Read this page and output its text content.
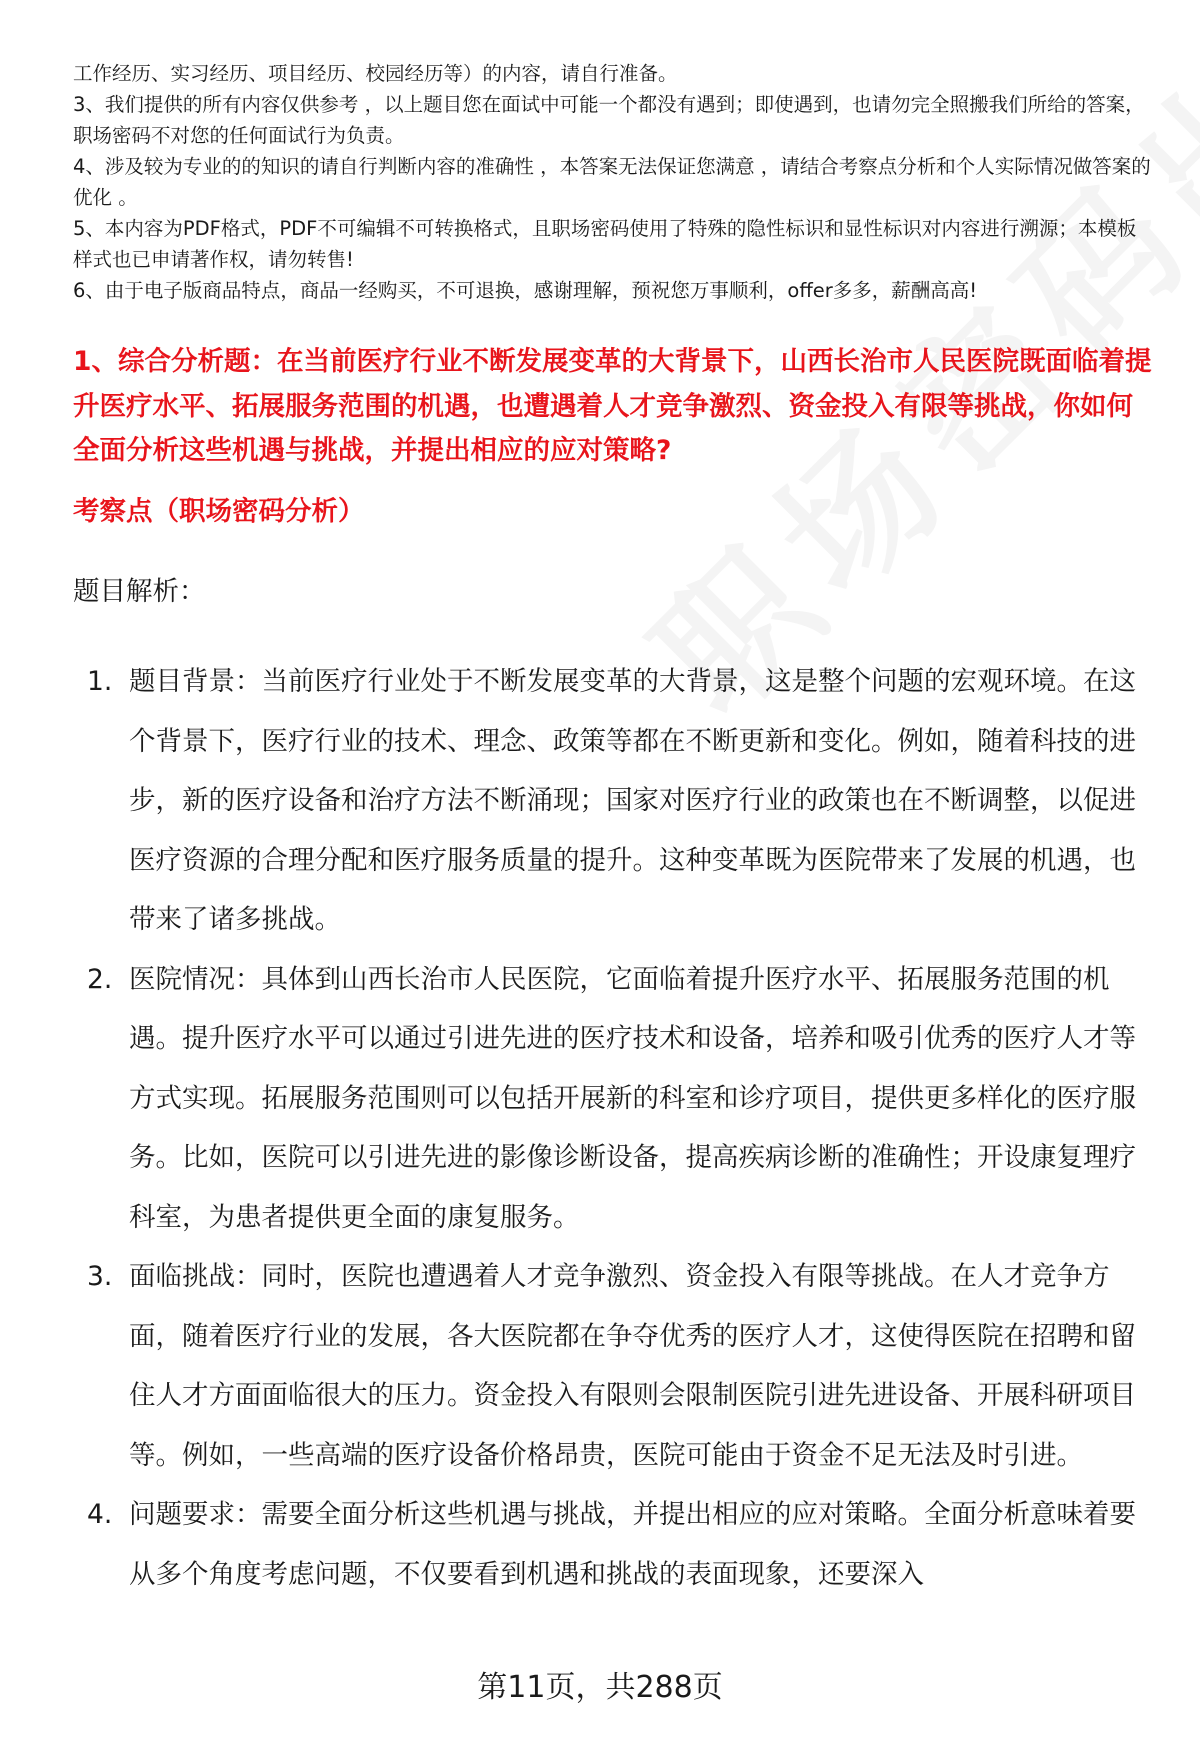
工作经历、实习经历、项目经历、校园经历等）的内容，请自行准备。

3、我们提供的所有内容仅供参考 ，以上题目您在面试中可能一个都没有遇到；即使遇到，也请勿完全照搬我们所给的答案，职场密码不对您的任何面试行为负责。

4、涉及较为专业的的知识的请自行判断内容的准确性 ，本答案无法保证您满意 ，请结合考察点分析和个人实际情况做答案的优化 。

5、本内容为PDF格式，PDF不可编辑不可转换格式，且职场密码使用了特殊的隐性标识和显性标识对内容进行溯源；本模板样式也已申请著作权，请勿转售!

6、由于电子版商品特点，商品一经购买，不可退换，感谢理解，预祝您万事顺利，offer多多，薪酬高高!

1、综合分析题：在当前医疗行业不断发展变革的大背景下，山西长治市人民医院既面临着提升医疗水平、拓展服务范围的机遇，也遭遇着人才竞争激烈、资金投入有限等挑战，你如何全面分析这些机遇与挑战，并提出相应的应对策略?

考察点（职场密码分析）

题目解析：

1. 题目背景：当前医疗行业处于不断发展变革的大背景，这是整个问题的宏观环境。在这个背景下，医疗行业的技术、理念、政策等都在不断更新和变化。例如，随着科技的进步，新的医疗设备和治疗方法不断涌现；国家对医疗行业的政策也在不断调整，以促进医疗资源的合理分配和医疗服务质量的提升。这种变革既为医院带来了发展的机遇，也带来了诸多挑战。
2. 医院情况：具体到山西长治市人民医院，它面临着提升医疗水平、拓展服务范围的机遇。提升医疗水平可以通过引进先进的医疗技术和设备，培养和吸引优秀的医疗人才等方式实现。拓展服务范围则可以包括开展新的科室和诊疗项目，提供更多样化的医疗服务。比如，医院可以引进先进的影像诊断设备，提高疾病诊断的准确性；开设康复理疗科室，为患者提供更全面的康复服务。
3. 面临挑战：同时，医院也遭遇着人才竞争激烈、资金投入有限等挑战。在人才竞争方面，随着医疗行业的发展，各大医院都在争夺优秀的医疗人才，这使得医院在招聘和留住人才方面面临很大的压力。资金投入有限则会限制医院引进先进设备、开展科研项目等。例如，一些高端的医疗设备价格昂贵，医院可能由于资金不足无法及时引进。
4. 问题要求：需要全面分析这些机遇与挑战，并提出相应的应对策略。全面分析意味着要从多个角度考虑问题，不仅要看到机遇和挑战的表面现象，还要深入
第11页，共288页
